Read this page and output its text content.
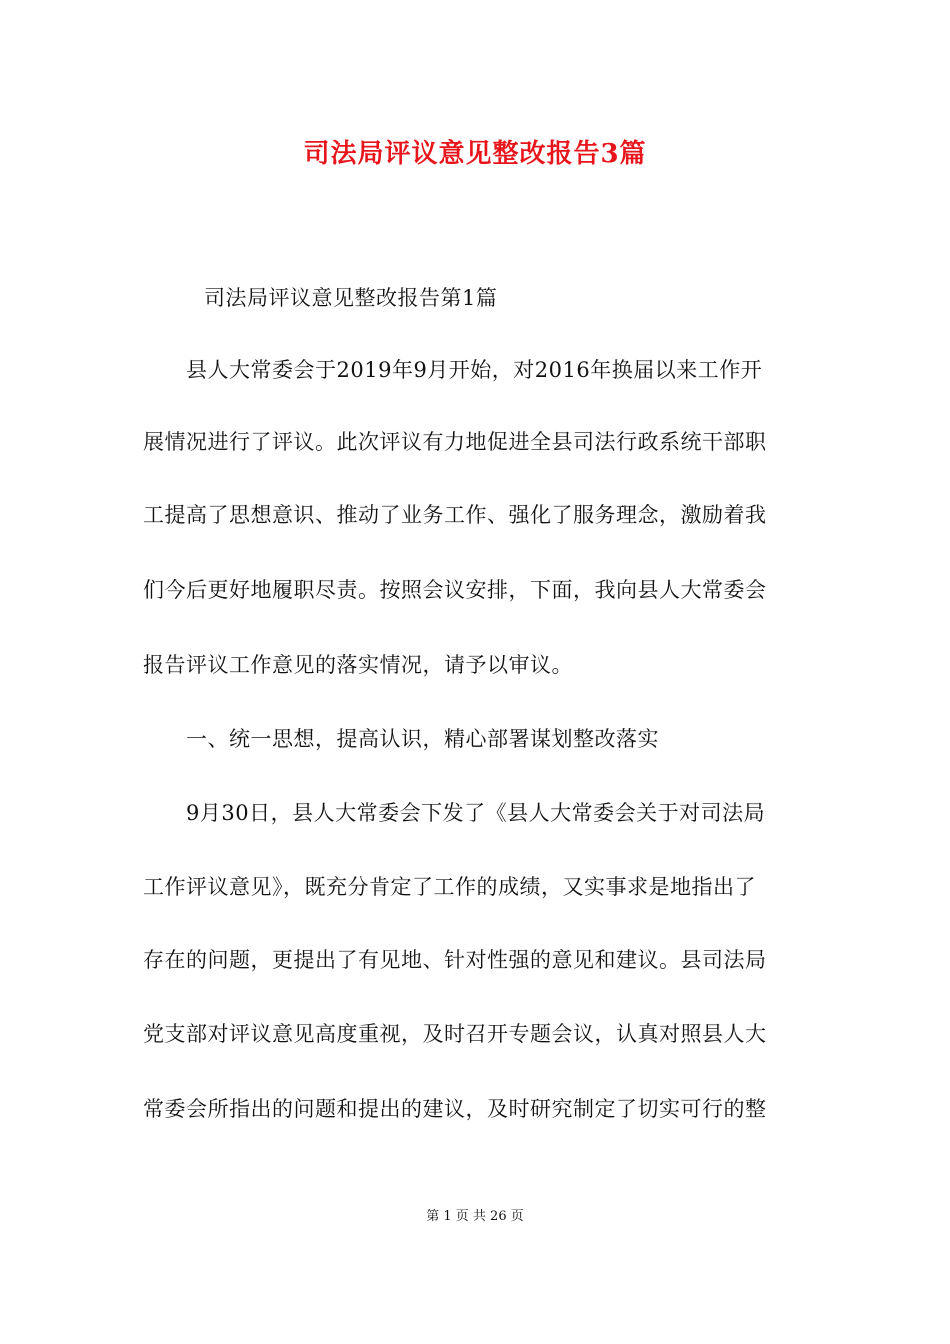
司法局评议意见整改报告3篇
司法局评议意见整改报告第1篇
县人大常委会于2019年9月开始，对2016年换届以来工作开
展情况进行了评议。此次评议有力地促进全县司法行政系统干部职
工提高了思想意识、推动了业务工作、强化了服务理念，激励着我
们今后更好地履职尽责。按照会议安排，下面，我向县人大常委会
报告评议工作意见的落实情况，请予以审议。
一、统一思想，提高认识，精心部署谋划整改落实
9月30日，县人大常委会下发了《县人大常委会关于对司法局
工作评议意见》，既充分肯定了工作的成绩，又实事求是地指出了
存在的问题，更提出了有见地、针对性强的意见和建议。县司法局
党支部对评议意见高度重视，及时召开专题会议，认真对照县人大
常委会所指出的问题和提出的建议，及时研究制定了切实可行的整
第 1 页 共 26 页
